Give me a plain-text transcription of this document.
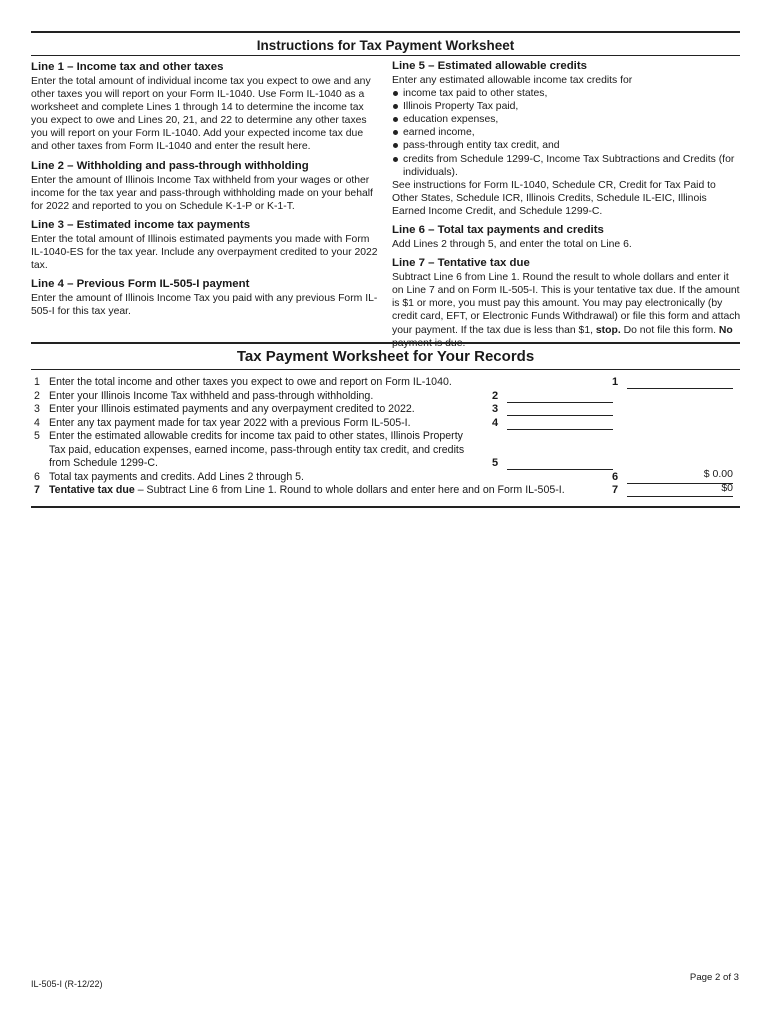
Instructions for Tax Payment Worksheet
Line 1 – Income tax and other taxes
Enter the total amount of individual income tax you expect to owe and any other taxes you will report on your Form IL-1040. Use Form IL-1040 as a worksheet and complete Lines 1 through 14 to determine the income tax you expect to owe and Lines 20, 21, and 22 to determine any other taxes you will report on your Form IL-1040. Add your expected income tax due and other taxes from Form IL-1040 and enter the result here.
Line 2 – Withholding and pass-through withholding
Enter the amount of Illinois Income Tax withheld from your wages or other income for the tax year and pass-through withholding made on your behalf for 2022 and reported to you on Schedule K-1-P or K-1-T.
Line 3 – Estimated income tax payments
Enter the total amount of Illinois estimated payments you made with Form IL-1040-ES for the tax year. Include any overpayment credited to your 2022 tax.
Line 4 – Previous Form IL-505-I payment
Enter the amount of Illinois Income Tax you paid with any previous Form IL-505-I for this tax year.
Line 5 – Estimated allowable credits
Enter any estimated allowable income tax credits for
income tax paid to other states,
Illinois Property Tax paid,
education expenses,
earned income,
pass-through entity tax credit, and
credits from Schedule 1299-C, Income Tax Subtractions and Credits (for individuals).
See instructions for Form IL-1040, Schedule CR, Credit for Tax Paid to Other States, Schedule ICR, Illinois Credits, Schedule IL-EIC, Illinois Earned Income Credit, and Schedule 1299-C.
Line 6 – Total tax payments and credits
Add Lines 2 through 5, and enter the total on Line 6.
Line 7 – Tentative tax due
Subtract Line 6 from Line 1. Round the result to whole dollars and enter it on Line 7 and on Form IL-505-I. This is your tentative tax due. If the amount is $1 or more, you must pay this amount. You may pay electronically (by credit card, EFT, or Electronic Funds Withdrawal) or file this form and attach your payment. If the tax due is less than $1, stop. Do not file this form. No
Tax Payment Worksheet for Your Records
1 Enter the total income and other taxes you expect to owe and report on Form IL-1040.	1
2 Enter your Illinois Income Tax withheld and pass-through withholding.	2
3 Enter your Illinois estimated payments and any overpayment credited to 2022.	3
4 Enter any tax payment made for tax year 2022 with a previous Form IL-505-I.	4
5 Enter the estimated allowable credits for income tax paid to other states, Illinois Property
Tax paid, education expenses, earned income, pass-through entity tax credit, and credits
from Schedule 1299-C.	5
6 Total tax payments and credits. Add Lines 2 through 5.	6	$ 0.00
7 Tentative tax due – Subtract Line 6 from Line 1. Round to whole dollars and enter here and on Form IL-505-I.	7	$0
IL-505-I (R-12/22)
Page 2 of 3
